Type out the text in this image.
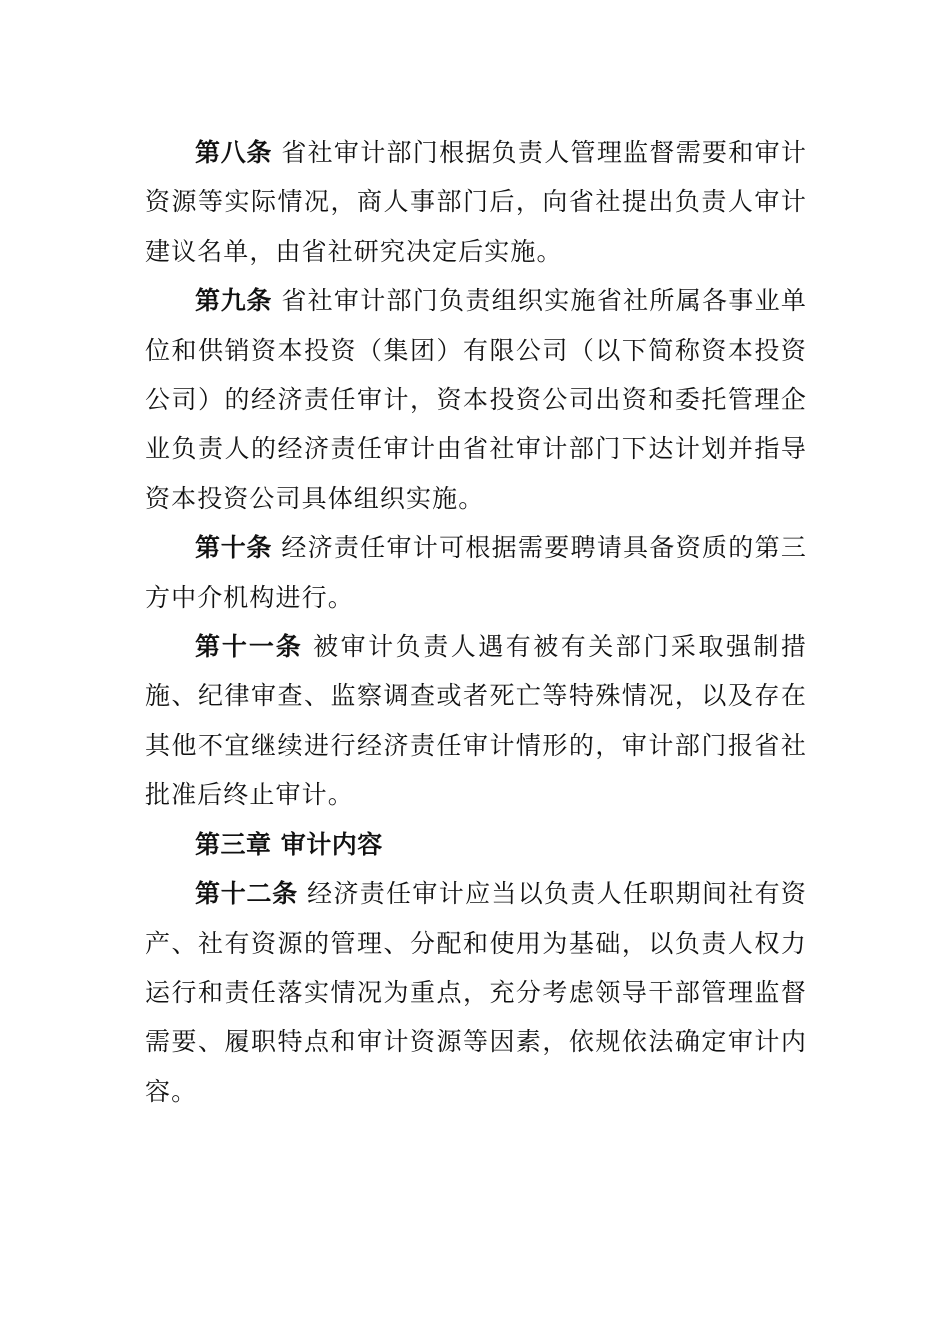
第八条 省社审计部门根据负责人管理监督需要和审计资源等实际情况，商人事部门后，向省社提出负责人审计建议名单，由省社研究决定后实施。

第九条 省社审计部门负责组织实施省社所属各事业单位和供销资本投资（集团）有限公司（以下简称资本投资公司）的经济责任审计，资本投资公司出资和委托管理企业负责人的经济责任审计由省社审计部门下达计划并指导资本投资公司具体组织实施。

第十条 经济责任审计可根据需要聘请具备资质的第三方中介机构进行。

第十一条 被审计负责人遇有被有关部门采取强制措施、纪律审查、监察调查或者死亡等特殊情况，以及存在其他不宜继续进行经济责任审计情形的，审计部门报省社批准后终止审计。

第三章 审计内容

第十二条 经济责任审计应当以负责人任职期间社有资产、社有资源的管理、分配和使用为基础，以负责人权力运行和责任落实情况为重点，充分考虑领导干部管理监督需要、履职特点和审计资源等因素，依规依法确定审计内容。
